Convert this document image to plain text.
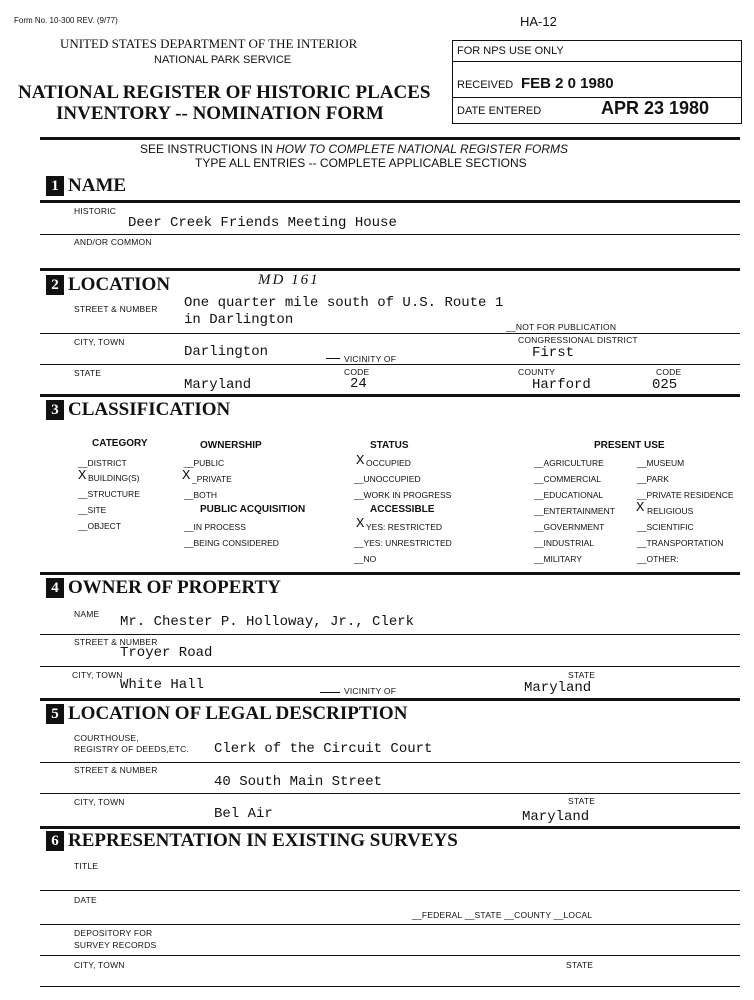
Form No. 10-300 REV. (9/77)	HA-12
UNITED STATES DEPARTMENT OF THE INTERIOR
NATIONAL PARK SERVICE
NATIONAL REGISTER OF HISTORIC PLACES
INVENTORY -- NOMINATION FORM
FOR NPS USE ONLY
RECEIVED FEB 2 0 1980
DATE ENTERED	APR 23 1980
SEE INSTRUCTIONS IN HOW TO COMPLETE NATIONAL REGISTER FORMS
TYPE ALL ENTRIES -- COMPLETE APPLICABLE SECTIONS
1 NAME
HISTORIC
Deer Creek Friends Meeting House
AND/OR COMMON
2 LOCATION	MD 161
STREET & NUMBER One quarter mile south of U.S. Route 1
in Darlington	__NOT FOR PUBLICATION
CITY, TOWN	CONGRESSIONAL DISTRICT
Darlington	VICINITY OF	First
STATE	CODE	COUNTY	CODE
Maryland	24	Harford	025
3 CLASSIFICATION
CATEGORY	OWNERSHIP	STATUS	PRESENT USE
__DISTRICT
X BUILDING(S)
__STRUCTURE
__SITE
__OBJECT
__PUBLIC
X _PRIVATE
__BOTH
PUBLIC ACQUISITION
__IN PROCESS
__BEING CONSIDERED
X OCCUPIED
__UNOCCUPIED
__WORK IN PROGRESS
ACCESSIBLE
X YES: RESTRICTED
__YES: UNRESTRICTED
__NO
__AGRICULTURE
__COMMERCIAL
__EDUCATIONAL
__ENTERTAINMENT
__GOVERNMENT
__INDUSTRIAL
__MILITARY
__MUSEUM
__PARK
__PRIVATE RESIDENCE
X RELIGIOUS
__SCIENTIFIC
__TRANSPORTATION
__OTHER:
4 OWNER OF PROPERTY
NAME Mr. Chester P. Holloway, Jr., Clerk
STREET & NUMBER
Troyer Road
CITY, TOWN
White Hall	VICINITY OF
STATE
Maryland
5 LOCATION OF LEGAL DESCRIPTION
COURTHOUSE,
REGISTRY OF DEEDS,ETC. Clerk of the Circuit Court
STREET & NUMBER
40 South Main Street
CITY, TOWN	STATE
Bel Air	Maryland
6 REPRESENTATION IN EXISTING SURVEYS
TITLE
DATE
__FEDERAL __STATE __COUNTY __LOCAL
DEPOSITORY FOR
SURVEY RECORDS
CITY, TOWN	STATE
